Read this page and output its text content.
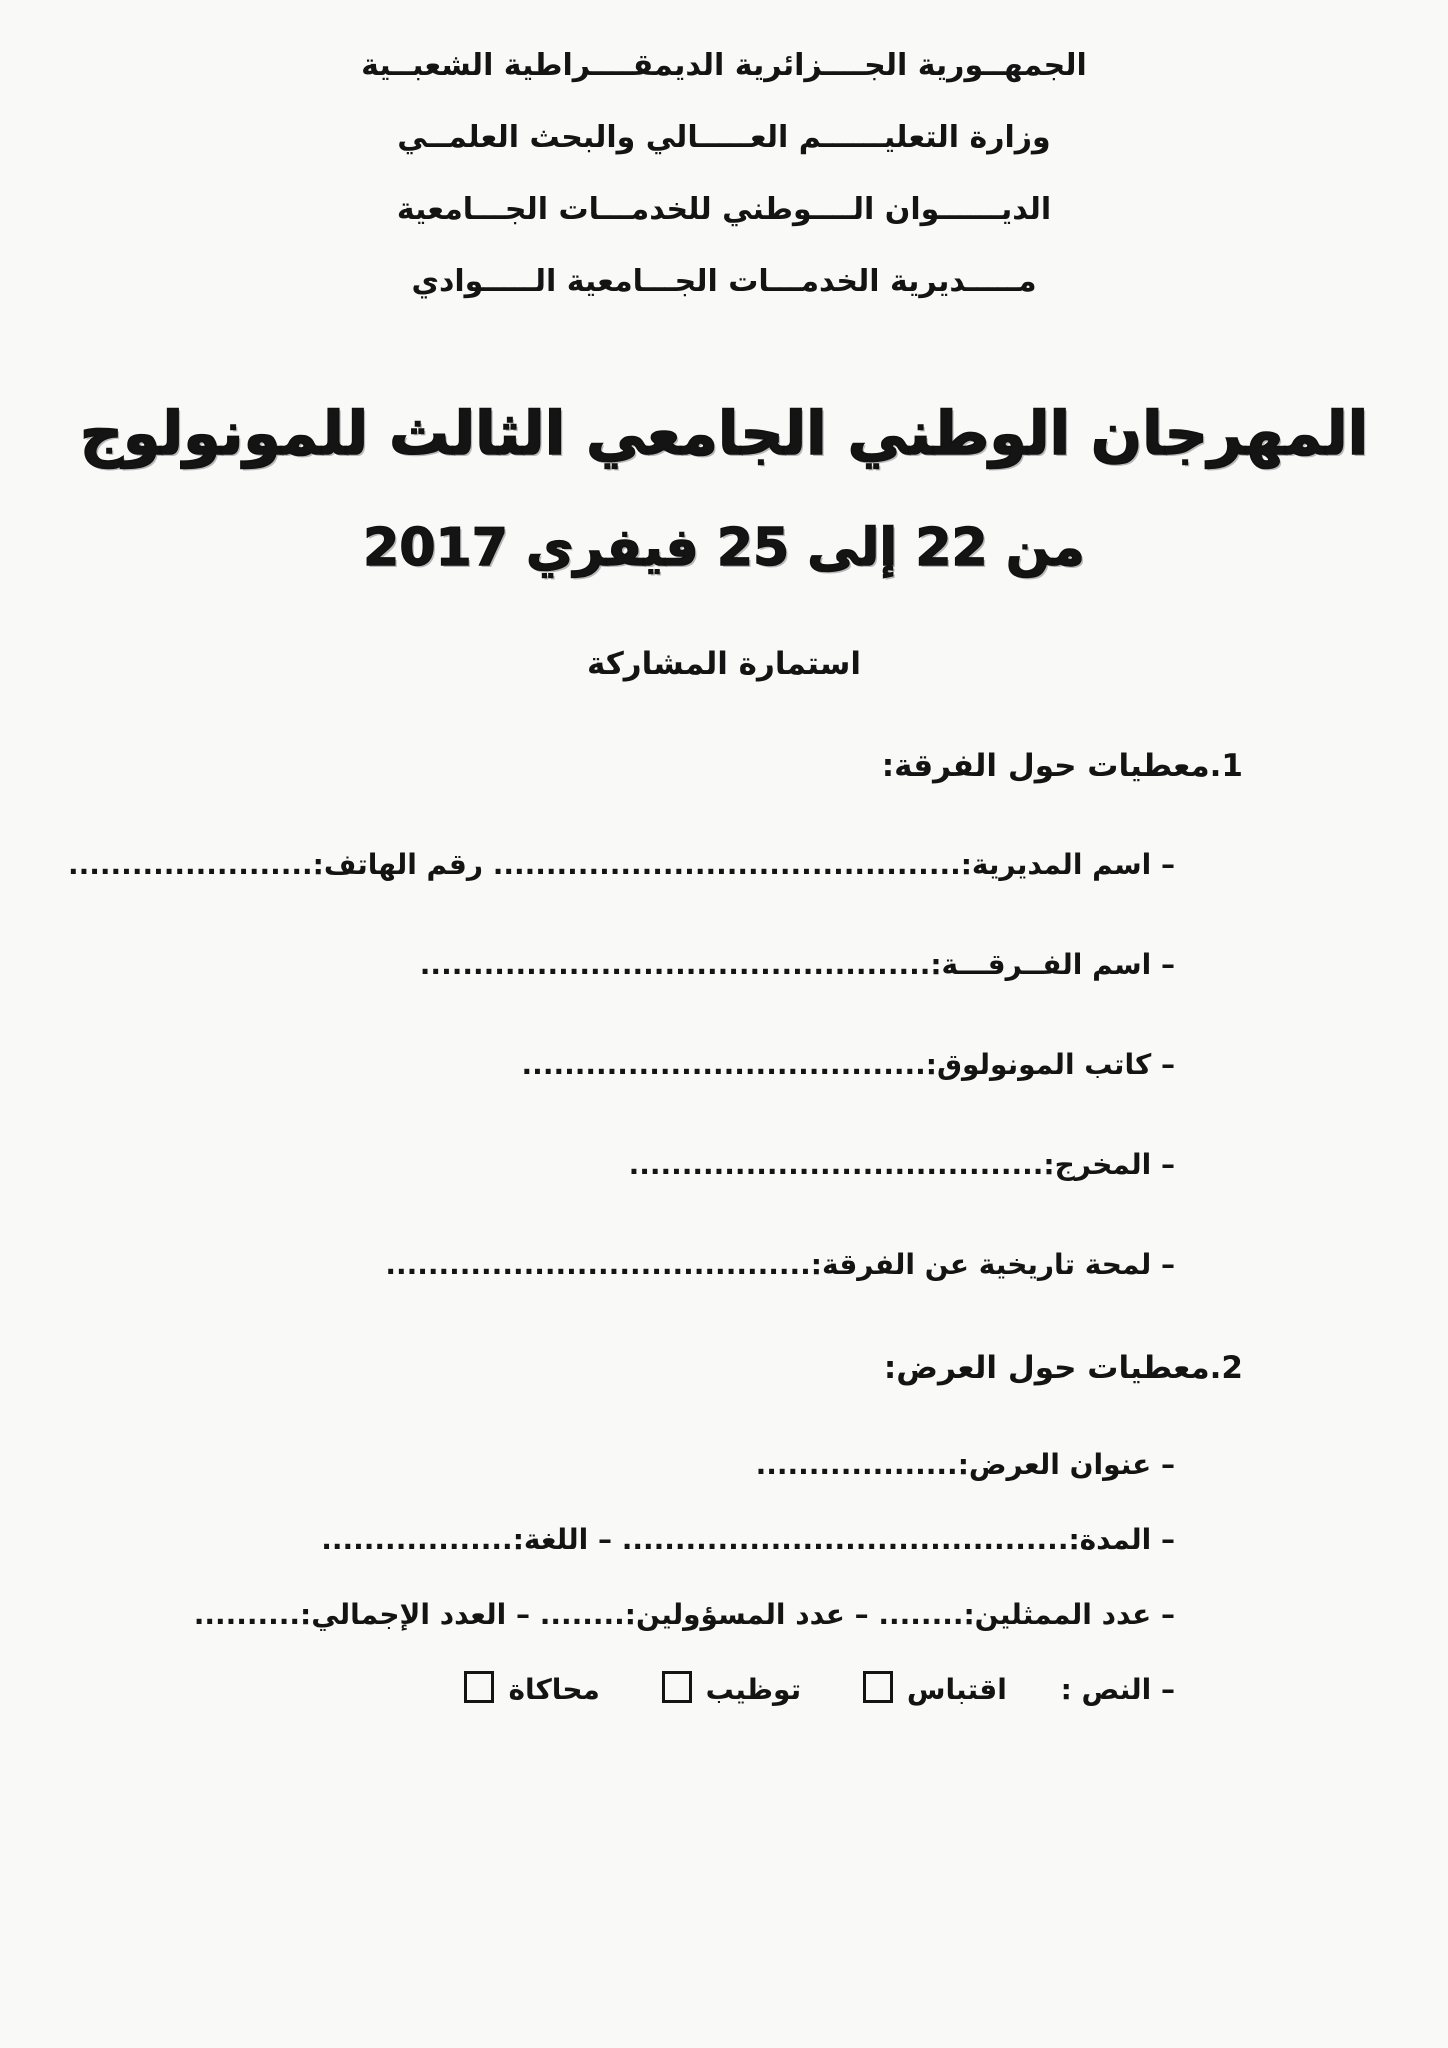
الجمهــورية الجــــزائرية الديمقــــراطية الشعبــية

وزارة التعليــــــم العـــــالي والبحث العلمــي

الديــــــوان الــــوطني للخدمـــات الجـــامعية

مـــــديرية الخدمـــات الجـــامعية الـــــوادي

المهرجان الوطني الجامعي الثالث للمونولوج

من 22 إلى 25 فيفري 2017

استمارة المشاركة

1.معطيات حول الفرقة:

– اسم المديرية:............................................ رقم الهاتف:.......................

– اسم الفــرقـــة:................................................

– كاتب المونولوق:......................................

– المخرج:.......................................

– لمحة تاريخية عن الفرقة:........................................

2.معطيات حول العرض:

– عنوان العرض:...................

– المدة:.......................................... – اللغة:..................

– عدد الممثلين:........ – عدد المسؤولين:........ – العدد الإجمالي:..........

– النص : اقتباس توظيب محاكاة
